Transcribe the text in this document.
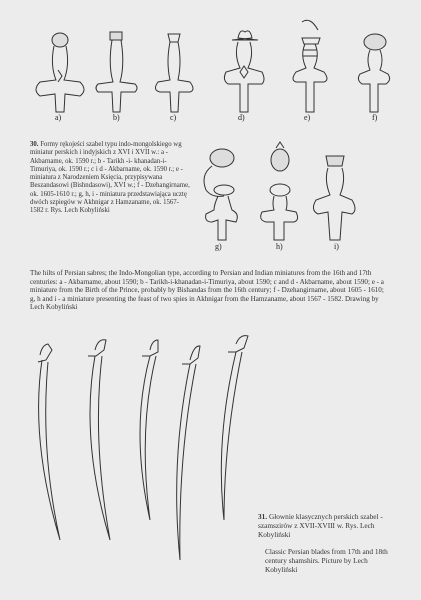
a)	b)	c)	d)	e)	f)
g)	h)	i)
30. Formy rękojeści szabel typu indo-mongolskiego wg miniatur perskich i indyjskich z XVI i XVII w.: a - Akbarname, ok. 1590 r.; b - Tarikh -i- khanadan-i-Timuriya, ok. 1590 r.; c i d - Akbarname, ok. 1590 r.; e - miniatura z Narodzeniem Księcia, przypisywana Beszandasowi (Bishndasowi), XVI w.; f - Dzehangirname, ok. 1605-1610 r.; g, h, i - miniatura przedstawiająca ucztę dwóch szpiegów w Akhnigar z Hamzaname, ok. 1567-1582 r. Rys. Lech Kobyliński
The hilts of Persian sabres; the Indo-Mongolian type, according to Persian and Indian miniatures from the 16th and 17th centuries: a - Akbarname, about 1590; b - Tarikh-i-khanadan-i-Timuriya, about 1590; c and d - Akbarname, about 1590; e - a miniature from the Birth of the Prince, probably by Bishandas from the 16th century; f - Dzehangirname, about 1605 - 1610; g, h and i - a miniature presenting the feast of two spies in Akhnigar from the Hamzaname, about 1567 - 1582. Drawing by Lech Kobyliński
31. Głownie klasycznych perskich szabel - szamszirów z XVII-XVIII w. Rys. Lech Kobyliński
Classic Persian blades from 17th and 18th century shamshirs. Picture by Lech Kobyliński
